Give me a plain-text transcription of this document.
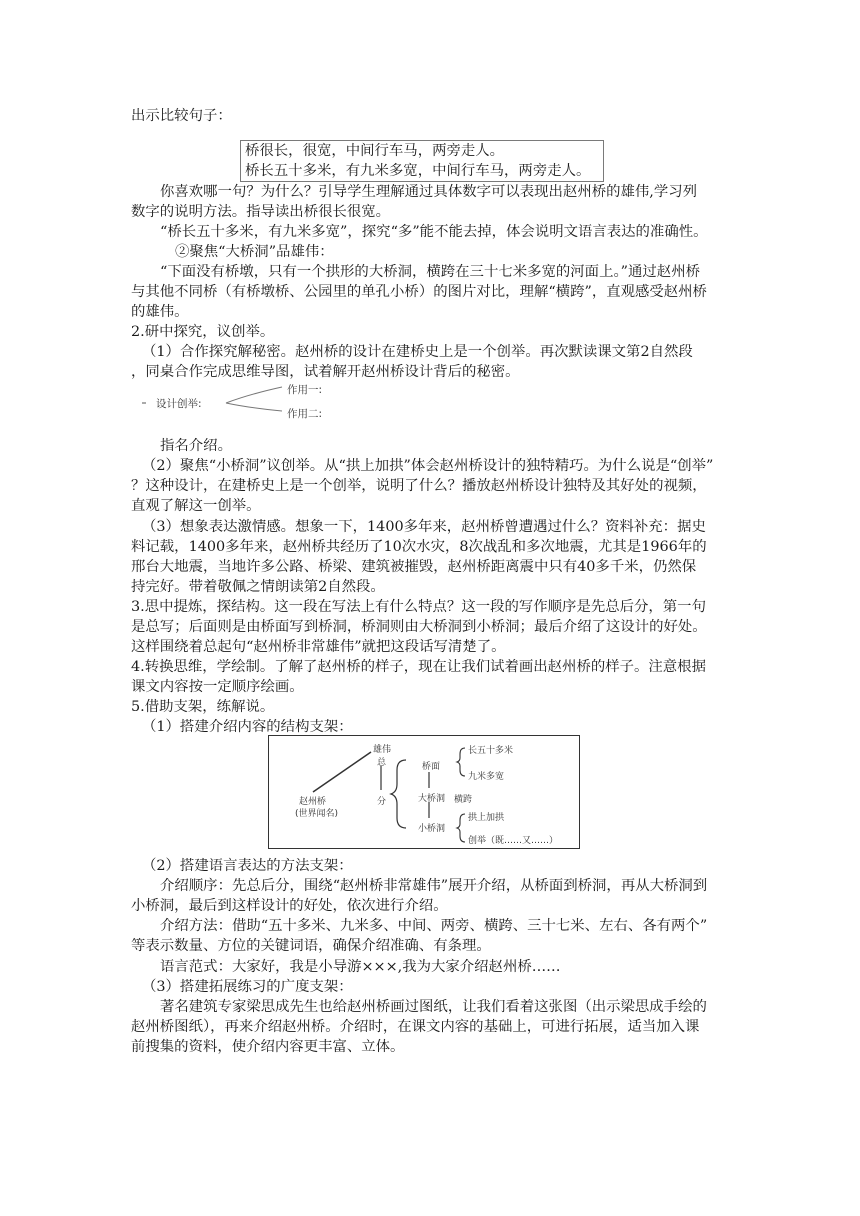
出示比较句子：
桥很长，很宽，中间行车马，两旁走人。
桥长五十多米，有九米多宽，中间行车马，两旁走人。
你喜欢哪一句？为什么？引导学生理解通过具体数字可以表现出赵州桥的雄伟,学习列
数字的说明方法。指导读出桥很长很宽。
“桥长五十多米，有九米多宽”，探究“多”能不能去掉，体会说明文语言表达的准确性。
②聚焦“大桥洞”品雄伟：
“下面没有桥墩，只有一个拱形的大桥洞，横跨在三十七米多宽的河面上。”通过赵州桥
与其他不同桥（有桥墩桥、公园里的单孔小桥）的图片对比，理解“横跨”，直观感受赵州桥
的雄伟。
2.研中探究，议创举。
（1）合作探究解秘密。赵州桥的设计在建桥史上是一个创举。再次默读课文第2自然段
，同桌合作完成思维导图，试着解开赵州桥设计背后的秘密。
设计创举:
作用一:
作用二:
指名介绍。
（2）聚焦“小桥洞”议创举。从“拱上加拱”体会赵州桥设计的独特精巧。为什么说是“创举”
？这种设计，在建桥史上是一个创举，说明了什么？播放赵州桥设计独特及其好处的视频，
直观了解这一创举。
（3）想象表达激情感。想象一下，1400多年来，赵州桥曾遭遇过什么？资料补充：据史
料记载，1400多年来，赵州桥共经历了10次水灾，8次战乱和多次地震，尤其是1966年的
邢台大地震，当地许多公路、桥梁、建筑被摧毁，赵州桥距离震中只有40多千米，仍然保
持完好。带着敬佩之情朗读第2自然段。
3.思中提炼，探结构。这一段在写法上有什么特点？这一段的写作顺序是先总后分，第一句
是总写；后面则是由桥面写到桥洞，桥洞则由大桥洞到小桥洞；最后介绍了这设计的好处。
这样围绕着总起句“赵州桥非常雄伟”就把这段话写清楚了。
4.转换思维，学绘制。了解了赵州桥的样子，现在让我们试着画出赵州桥的样子。注意根据
课文内容按一定顺序绘画。
5.借助支架，练解说。
（1）搭建介绍内容的结构支架：
雄伟
总
分
赵州桥
(世界闻名)
桥面
长五十多米
九米多宽
大桥洞 横跨
小桥洞
拱上加拱
创举（既……又……）
（2）搭建语言表达的方法支架：
介绍顺序：先总后分，围绕“赵州桥非常雄伟”展开介绍，从桥面到桥洞，再从大桥洞到
小桥洞，最后到这样设计的好处，依次进行介绍。
介绍方法：借助“五十多米、九米多、中间、两旁、横跨、三十七米、左右、各有两个”
等表示数量、方位的关键词语，确保介绍准确、有条理。
语言范式：大家好，我是小导游×××,我为大家介绍赵州桥……
（3）搭建拓展练习的广度支架：
著名建筑专家梁思成先生也给赵州桥画过图纸，让我们看着这张图（出示梁思成手绘的
赵州桥图纸），再来介绍赵州桥。介绍时，在课文内容的基础上，可进行拓展，适当加入课
前搜集的资料，使介绍内容更丰富、立体。
